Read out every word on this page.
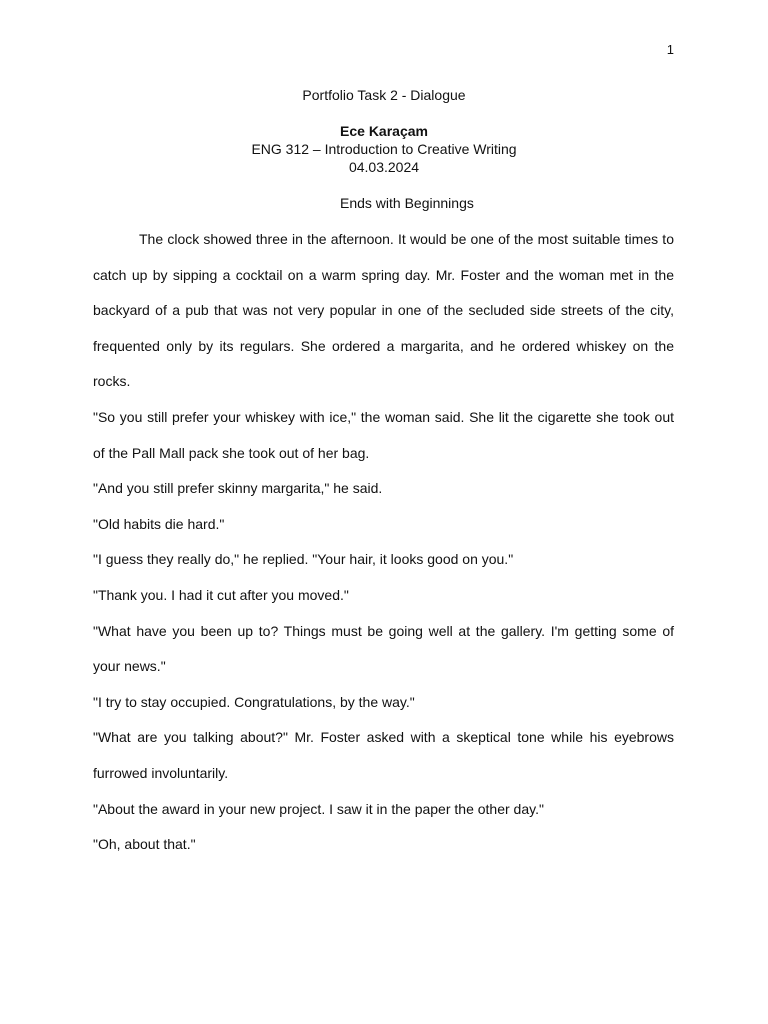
1
Portfolio Task 2 - Dialogue
Ece Karaçam
ENG 312 – Introduction to Creative Writing
04.03.2024
Ends with Beginnings

The clock showed three in the afternoon. It would be one of the most suitable times to catch up by sipping a cocktail on a warm spring day. Mr. Foster and the woman met in the backyard of a pub that was not very popular in one of the secluded side streets of the city, frequented only by its regulars. She ordered a margarita, and he ordered whiskey on the rocks.

"So you still prefer your whiskey with ice," the woman said. She lit the cigarette she took out of the Pall Mall pack she took out of her bag.

"And you still prefer skinny margarita," he said.

"Old habits die hard."

"I guess they really do," he replied. "Your hair, it looks good on you."

"Thank you. I had it cut after you moved."

"What have you been up to? Things must be going well at the gallery. I'm getting some of your news."

"I try to stay occupied. Congratulations, by the way."

"What are you talking about?" Mr. Foster asked with a skeptical tone while his eyebrows furrowed involuntarily.

"About the award in your new project. I saw it in the paper the other day."

"Oh, about that."
